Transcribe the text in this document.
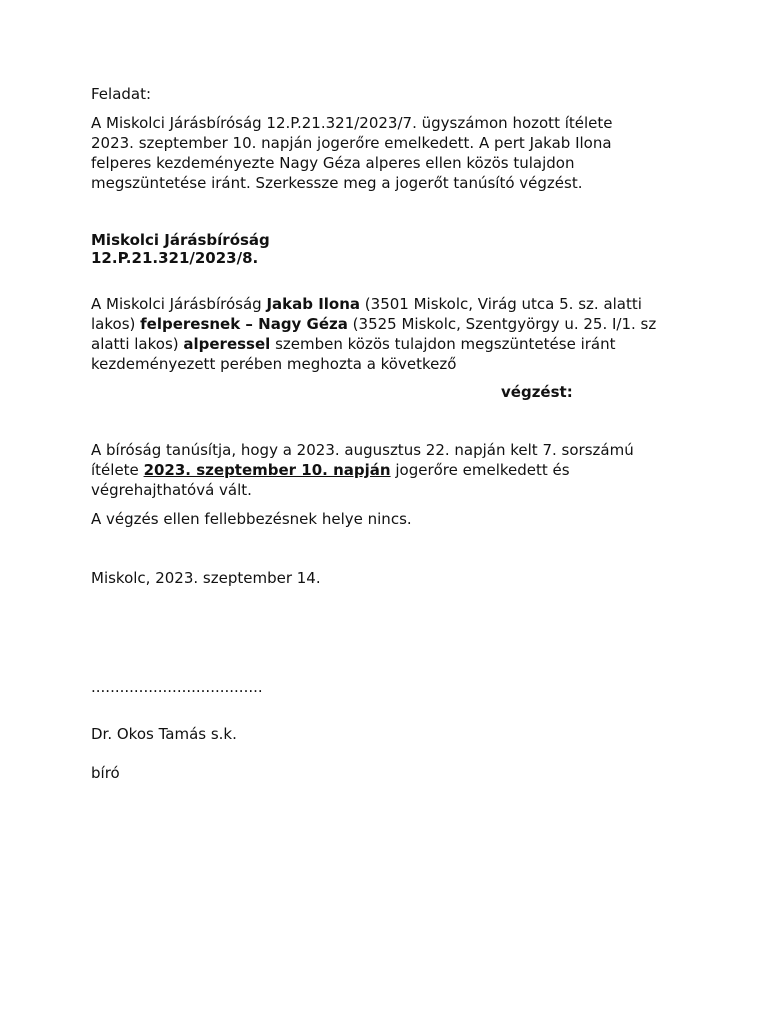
Feladat:
A Miskolci Járásbíróság 12.P.21.321/2023/7. ügyszámon hozott ítélete
2023. szeptember 10. napján jogerőre emelkedett. A pert Jakab Ilona
felperes kezdeményezte Nagy Géza alperes ellen közös tulajdon
megszüntetése iránt. Szerkessze meg a jogerőt tanúsító végzést.
Miskolci Járásbíróság
12.P.21.321/2023/8.
A Miskolci Járásbíróság Jakab Ilona (3501 Miskolc, Virág utca 5. sz. alatti
lakos) felperesnek – Nagy Géza (3525 Miskolc, Szentgyörgy u. 25. I/1. sz
alatti lakos) alperessel szemben közös tulajdon megszüntetése iránt
kezdeményezett perében meghozta a következő
végzést:
A bíróság tanúsítja, hogy a 2023. augusztus 22. napján kelt 7. sorszámú
ítélete 2023. szeptember 10. napján jogerőre emelkedett és
végrehajthatóvá vált.
A végzés ellen fellebbezésnek helye nincs.
Miskolc, 2023. szeptember 14.
....................................
Dr. Okos Tamás s.k.
bíró
